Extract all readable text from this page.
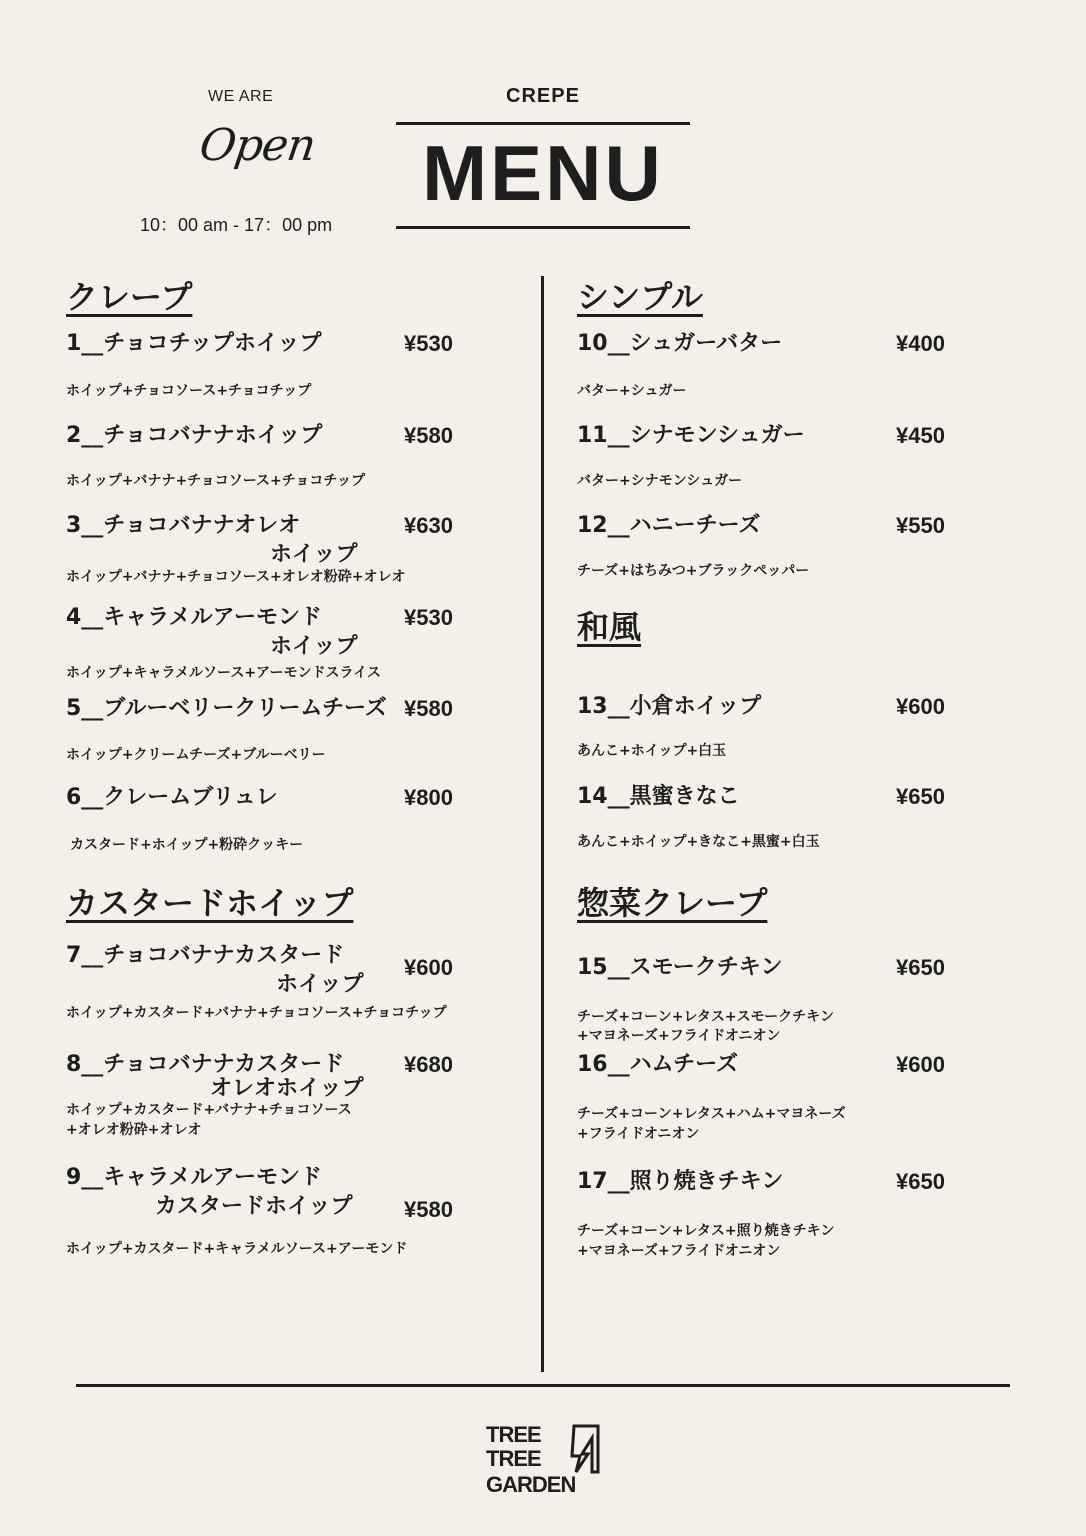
WE ARE
Open
10：00 am - 17：00 pm
CREPE
MENU
クレープ
1__チョコチップホイップ	¥530
ホイップ+チョコソース+チョコチップ
2__チョコバナナホイップ	¥580
ホイップ+バナナ+チョコソース+チョコチップ
3__チョコバナナオレオ
ホイップ
¥630
ホイップ+バナナ+チョコソース+オレオ粉砕+オレオ
4__キャラメルアーモンド
ホイップ
¥530
ホイップ+キャラメルソース+アーモンドスライス
5__ブルーベリークリームチーズ ¥580
ホイップ+クリームチーズ+ブルーベリー
6__クレームブリュレ	¥800
カスタード+ホイップ+粉砕クッキー
カスタードホイップ
7__チョコバナナカスタード
ホイップ
¥600
ホイップ+カスタード+バナナ+チョコソース+チョコチップ
8__チョコバナナカスタード
オレオホイップ
¥680
ホイップ+カスタード+バナナ+チョコソース
+オレオ粉砕+オレオ
9__キャラメルアーモンド
カスタードホイップ ¥580
ホイップ+カスタード+キャラメルソース+アーモンド
シンプル
10__シュガーバター	¥400
バター+シュガー
11__シナモンシュガー	¥450
バター+シナモンシュガー
12__ハニーチーズ	¥550
チーズ+はちみつ+ブラックペッパー
和風
13__小倉ホイップ	¥600
あんこ+ホイップ+白玉
14__黒蜜きなこ	¥650
あんこ+ホイップ+きなこ+黒蜜+白玉
惣菜クレープ
15__スモークチキン	¥650
チーズ+コーン+レタス+スモークチキン
+マヨネーズ+フライドオニオン
16__ハムチーズ	¥600
チーズ+コーン+レタス+ハム+マヨネーズ
+フライドオニオン
17__照り焼きチキン	¥650
チーズ+コーン+レタス+照り焼きチキン
+マヨネーズ+フライドオニオン
TREE
TREE
GARDEN
